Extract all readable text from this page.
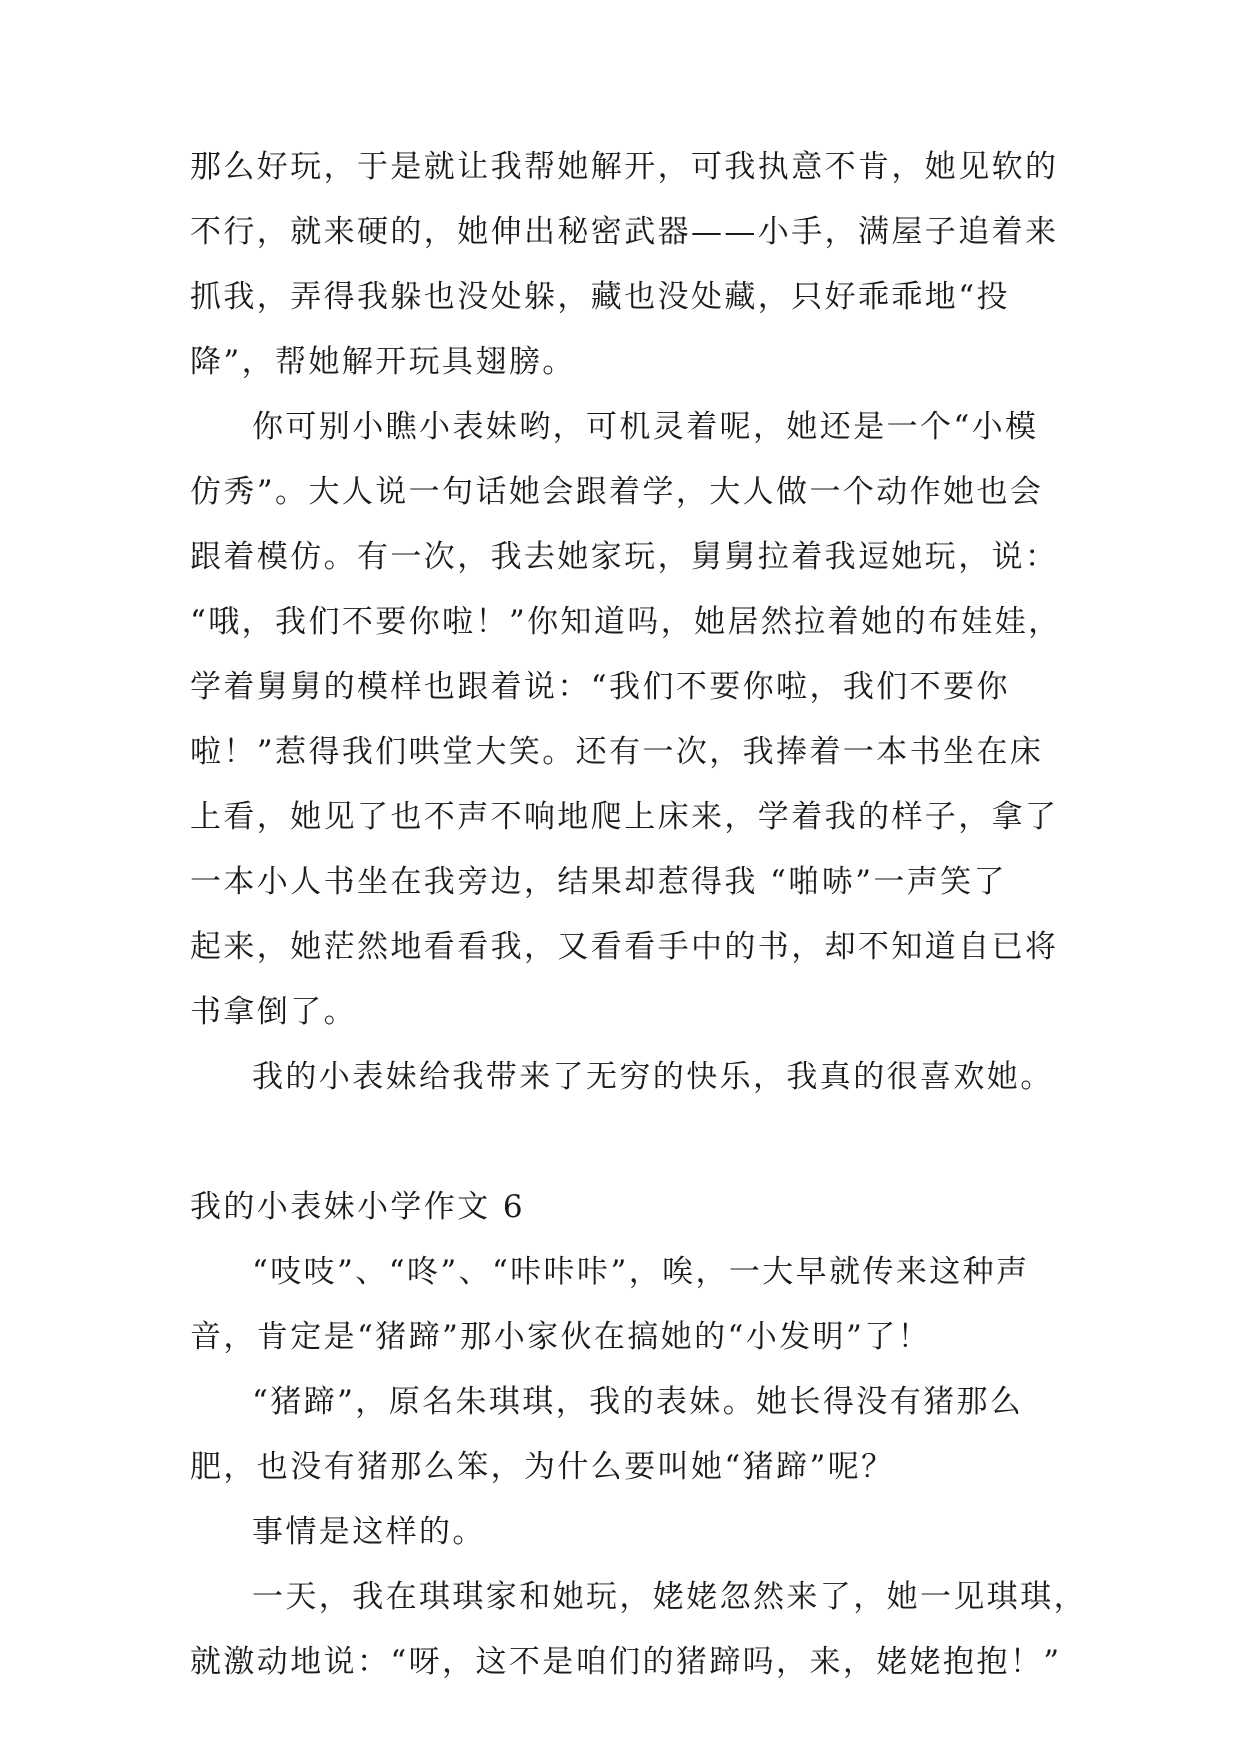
那么好玩，于是就让我帮她解开，可我执意不肯，她见软的
不行，就来硬的，她伸出秘密武器——小手，满屋子追着来
抓我，弄得我躲也没处躲，藏也没处藏，只好乖乖地“投
降”，帮她解开玩具翅膀。
你可别小瞧小表妹哟，可机灵着呢，她还是一个“小模
仿秀”。大人说一句话她会跟着学，大人做一个动作她也会
跟着模仿。有一次，我去她家玩，舅舅拉着我逗她玩，说：
“哦，我们不要你啦！”你知道吗，她居然拉着她的布娃娃，
学着舅舅的模样也跟着说：“我们不要你啦，我们不要你
啦！”惹得我们哄堂大笑。还有一次，我捧着一本书坐在床
上看，她见了也不声不响地爬上床来，学着我的样子，拿了
一本小人书坐在我旁边，结果却惹得我 “啪哧”一声笑了
起来，她茫然地看看我，又看看手中的书，却不知道自已将
书拿倒了。
我的小表妹给我带来了无穷的快乐，我真的很喜欢她。
我的小表妹小学作文 6
“吱吱”、“咚”、“咔咔咔”，唉，一大早就传来这种声
音，肯定是“猪蹄”那小家伙在搞她的“小发明”了！
“猪蹄”，原名朱琪琪，我的表妹。她长得没有猪那么
肥，也没有猪那么笨，为什么要叫她“猪蹄”呢？
事情是这样的。
一天，我在琪琪家和她玩，姥姥忽然来了，她一见琪琪，
就激动地说：“呀，这不是咱们的猪蹄吗，来，姥姥抱抱！”
